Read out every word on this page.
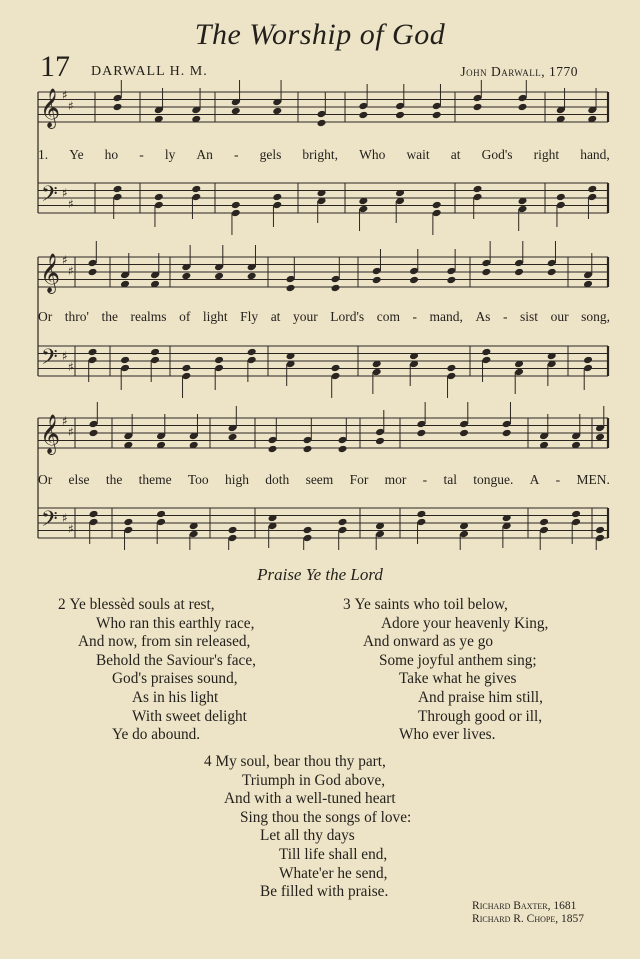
The Worship of God
17 DARWALL H. M.	John Darwall, 1770
𝄞
𝄢
♯
♯
♯
♯
𝄞
𝄢
♯
♯
♯
♯
𝄞
𝄢
♯
♯
♯
♯
1. Ye ho - ly An - gels bright, Who wait at God's right hand,
Or thro' the realms of light Fly at your Lord's com - mand, As - sist our song,
Or else the theme Too high doth seem For mor - tal tongue. A - MEN.
Praise Ye the Lord
2 Ye blessèd souls at rest,
Who ran this earthly race,
And now, from sin released,
Behold the Saviour's face,
God's praises sound,
As in his light
With sweet delight
Ye do abound.
3 Ye saints who toil below,
Adore your heavenly King,
And onward as ye go
Some joyful anthem sing;
Take what he gives
And praise him still,
Through good or ill,
Who ever lives.
4 My soul, bear thou thy part,
Triumph in God above,
And with a well-tuned heart
Sing thou the songs of love:
Let all thy days
Till life shall end,
Whate'er he send,
Be filled with praise.
Richard Baxter, 1681
Richard R. Chope, 1857
